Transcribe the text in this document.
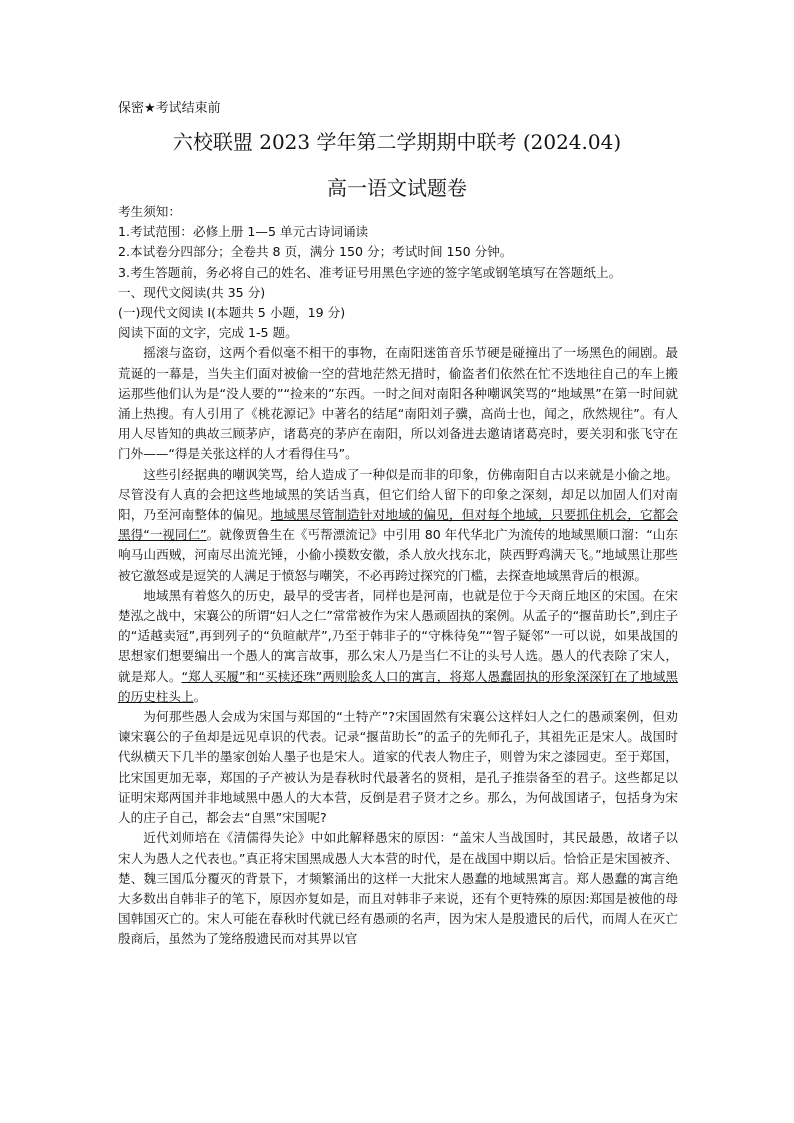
保密★考试结束前
六校联盟 2023 学年第二学期期中联考 (2024.04)
高一语文试题卷
考生须知：
1.考试范围：必修上册 1—5 单元古诗词诵读
2.本试卷分四部分；全卷共 8 页，满分 150 分；考试时间 150 分钟。
3.考生答题前，务必将自己的姓名、准考证号用黑色字迹的签字笔或钢笔填写在答题纸上。
一、现代文阅读(共 35 分)
(一)现代文阅读 I(本题共 5 小题，19 分)
阅读下面的文字，完成 1-5 题。

摇滚与盗窃，这两个看似毫不相干的事物，在南阳迷笛音乐节硬是碰撞出了一场黑色的闹剧。最荒诞的一幕是，当失主们面对被偷一空的营地茫然无措时，偷盗者们依然在忙不迭地往自己的车上搬运那些他们认为是“没人要的”“捡来的”东西。一时之间对南阳各种嘲讽笑骂的“地域黑”在第一时间就涌上热搜。有人引用了《桃花源记》中著名的结尾“南阳刘子骥，高尚士也，闻之，欣然规往”。有人用人尽皆知的典故三顾茅庐，诸葛亮的茅庐在南阳，所以刘备进去邀请诸葛亮时，要关羽和张飞守在门外——“得是关张这样的人才看得住马”。

这些引经据典的嘲讽笑骂，给人造成了一种似是而非的印象，仿佛南阳自古以来就是小偷之地。尽管没有人真的会把这些地域黑的笑话当真，但它们给人留下的印象之深刻，却足以加固人们对南阳，乃至河南整体的偏见。地域黑尽管制造针对地域的偏见，但对每个地域，只要抓住机会，它都会黑得“一视同仁”。就像贾鲁生在《丐帮漂流记》中引用 80 年代华北广为流传的地域黑顺口溜：“山东响马山西贼，河南尽出流光锤，小偷小摸数安徽，杀人放火找东北，陕西野鸡满天飞。”地域黑让那些被它激怒或是逗笑的人满足于愤怒与嘲笑，不必再跨过探究的门槛，去探查地域黑背后的根源。

地域黑有着悠久的历史，最早的受害者，同样也是河南，也就是位于今天商丘地区的宋国。在宋楚泓之战中，宋襄公的所谓“妇人之仁”常常被作为宋人愚顽固执的案例。从孟子的“揠苗助长”,到庄子的“适越卖冠”,再到列子的“负暄献芹”,乃至于韩非子的“守株待兔”“智子疑邻”一可以说，如果战国的思想家们想要编出一个愚人的寓言故事，那么宋人乃是当仁不让的头号人选。愚人的代表除了宋人，就是郑人。“郑人买履”和“买椟还珠”两则脍炙人口的寓言，将郑人愚蠢固执的形象深深钉在了地域黑的历史柱头上。

为何那些愚人会成为宋国与郑国的“土特产”?宋国固然有宋襄公这样妇人之仁的愚顽案例，但劝谏宋襄公的子鱼却是远见卓识的代表。记录“揠苗助长”的孟子的先师孔子，其祖先正是宋人。战国时代纵横天下几半的墨家创始人墨子也是宋人。道家的代表人物庄子，则曾为宋之漆园吏。至于郑国，比宋国更加无辜，郑国的子产被认为是春秋时代最著名的贤相，是孔子推崇备至的君子。这些都足以证明宋郑两国并非地域黑中愚人的大本营，反倒是君子贤才之乡。那么，为何战国诸子，包括身为宋人的庄子自己，都会去“自黑”宋国呢?

近代刘师培在《清儒得失论》中如此解释愚宋的原因：“盖宋人当战国时，其民最愚，故诸子以宋人为愚人之代表也。”真正将宋国黑成愚人大本营的时代，是在战国中期以后。恰恰正是宋国被齐、楚、魏三国瓜分覆灭的背景下，才频繁涌出的这样一大批宋人愚蠢的地域黑寓言。郑人愚蠢的寓言绝大多数出自韩非子的笔下，原因亦复如是，而且对韩非子来说，还有个更特殊的原因:郑国是被他的母国韩国灭亡的。宋人可能在春秋时代就已经有愚顽的名声，因为宋人是殷遗民的后代，而周人在灭亡殷商后，虽然为了笼络殷遗民而对其畀以官
